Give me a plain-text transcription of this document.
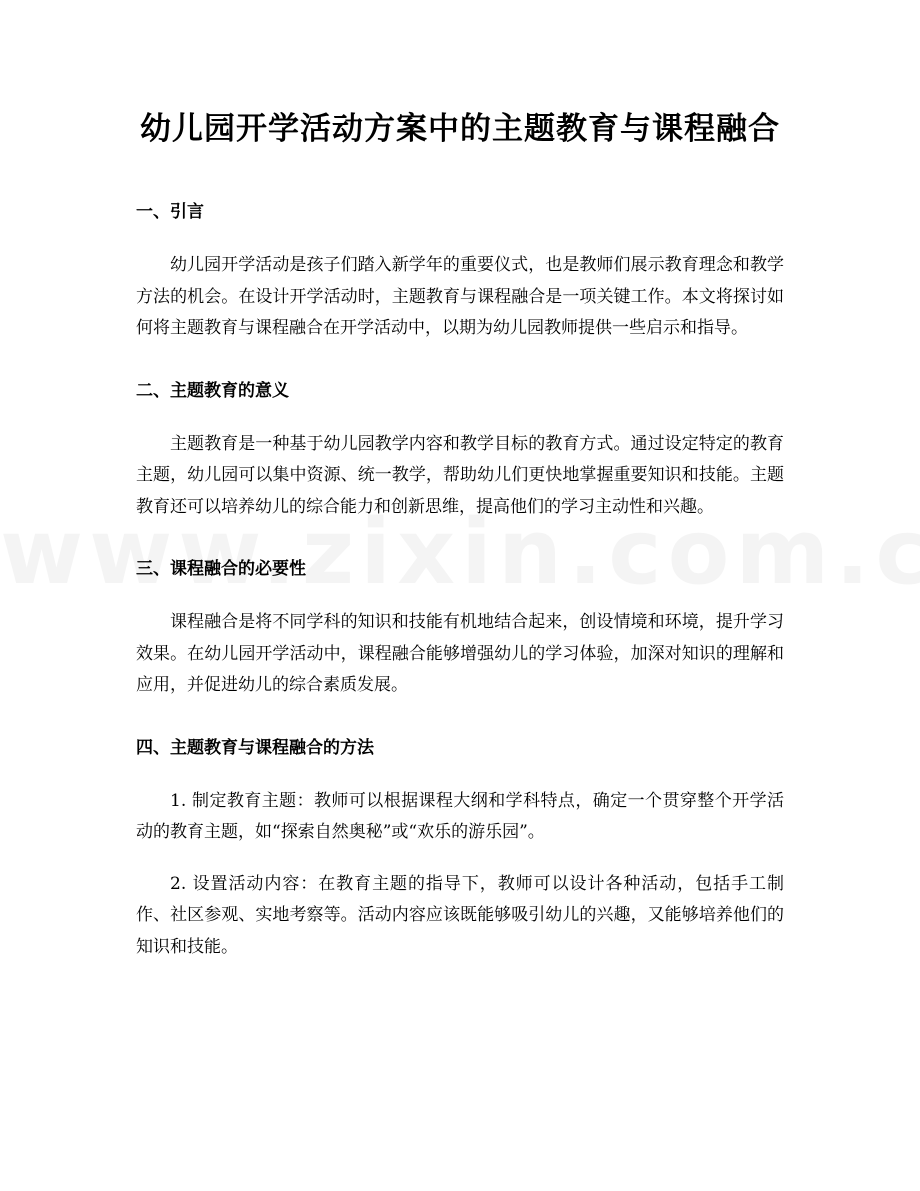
幼儿园开学活动方案中的主题教育与课程融合
一、引言

幼儿园开学活动是孩子们踏入新学年的重要仪式，也是教师们展示教育理念和教学方法的机会。在设计开学活动时，主题教育与课程融合是一项关键工作。本文将探讨如何将主题教育与课程融合在开学活动中，以期为幼儿园教师提供一些启示和指导。

二、主题教育的意义

主题教育是一种基于幼儿园教学内容和教学目标的教育方式。通过设定特定的教育主题，幼儿园可以集中资源、统一教学，帮助幼儿们更快地掌握重要知识和技能。主题教育还可以培养幼儿的综合能力和创新思维，提高他们的学习主动性和兴趣。

三、课程融合的必要性

课程融合是将不同学科的知识和技能有机地结合起来，创设情境和环境，提升学习效果。在幼儿园开学活动中，课程融合能够增强幼儿的学习体验，加深对知识的理解和应用，并促进幼儿的综合素质发展。

四、主题教育与课程融合的方法

1. 制定教育主题：教师可以根据课程大纲和学科特点，确定一个贯穿整个开学活动的教育主题，如“探索自然奥秘”或“欢乐的游乐园”。

2. 设置活动内容：在教育主题的指导下，教师可以设计各种活动，包括手工制作、社区参观、实地考察等。活动内容应该既能够吸引幼儿的兴趣，又能够培养他们的知识和技能。
